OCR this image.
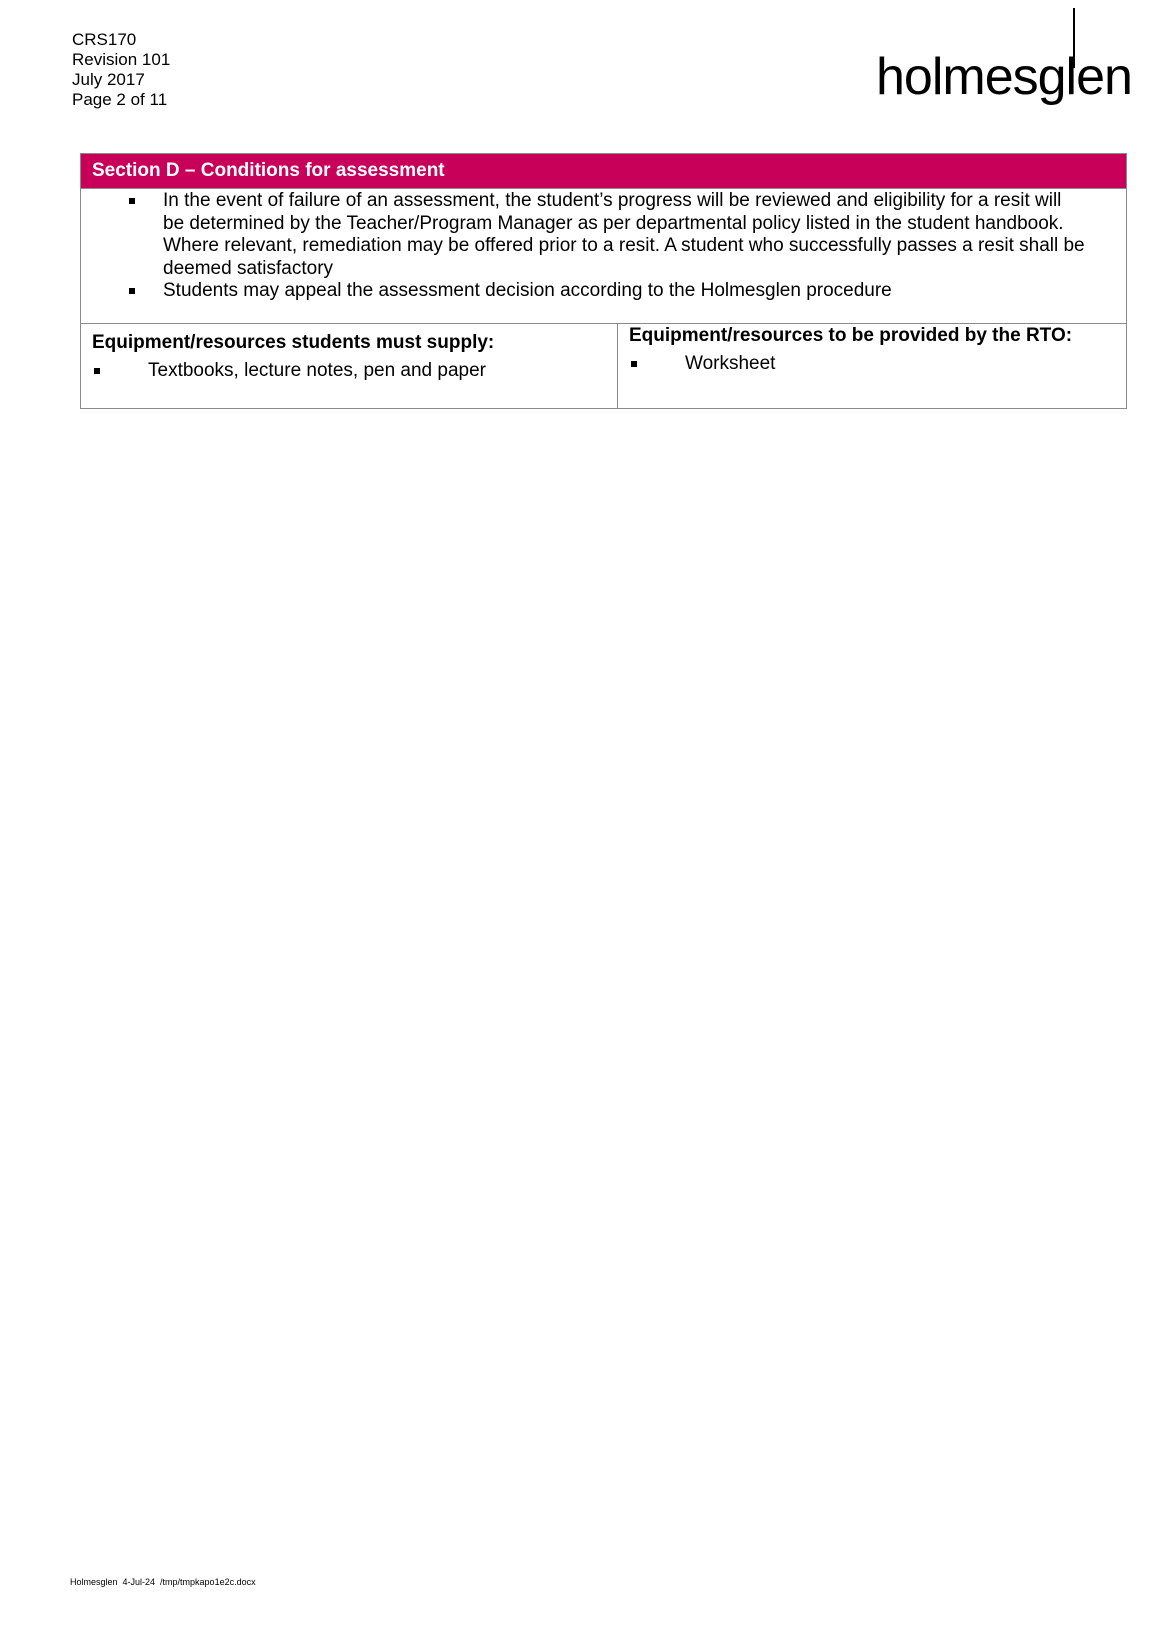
CRS170
Revision 101
July 2017
Page 2 of 11	holmesglen
Section D – Conditions for assessment
In the event of failure of an assessment, the student’s progress will be reviewed and eligibility for a resit will
be determined by the Teacher/Program Manager as per departmental policy listed in the student handbook.
Where relevant, remediation may be offered prior to a resit. A student who successfully passes a resit shall be
deemed satisfactory
Students may appeal the assessment decision according to the Holmesglen procedure
Equipment/resources students must supply:
Textbooks, lecture notes, pen and paper
Equipment/resources to be provided by the RTO:
Worksheet
Holmesglen  4-Jul-24  /tmp/tmpkapo1e2c.docx
